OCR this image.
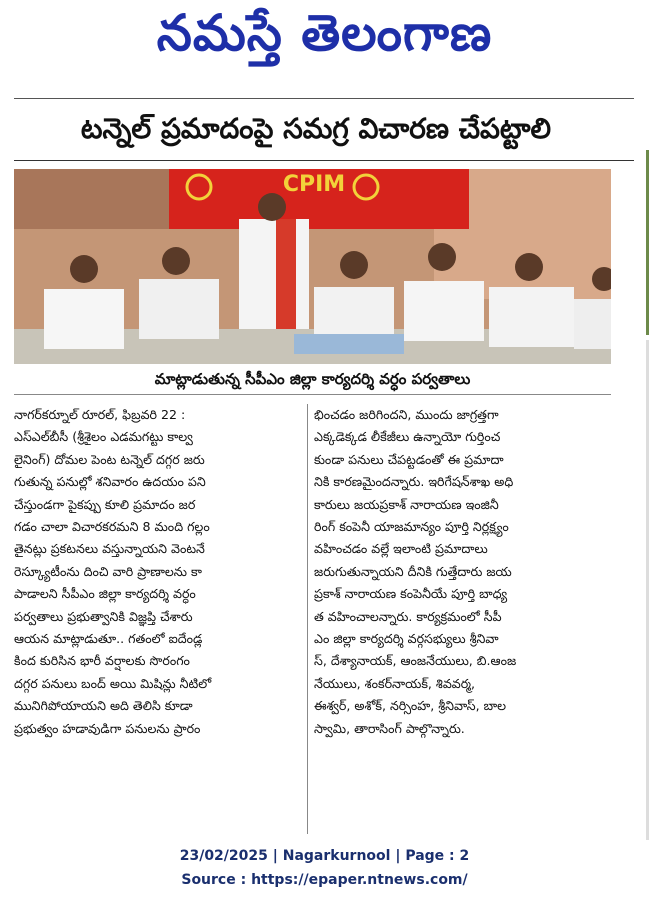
నమస్తే తెలంగాణ
టన్నెల్ ప్రమాదంపై సమగ్ర విచారణ చేపట్టాలి
CPIM
మాట్లాడుతున్న సీపీఎం జిల్లా కార్యదర్శి వర్ధం పర్వతాలు

నాగర్‌కర్నూల్ రూరల్, ఫిబ్రవరి 22 :

ఎస్‌ఎల్‌బీసీ (శ్రీశైలం ఎడమగట్టు కాల్వ

లైనింగ్) దోమల పెంట టన్నెల్ దగ్గర జరు

గుతున్న పనుల్లో శనివారం ఉదయం పని

చేస్తుండగా పైకప్పు కూలి ప్రమాదం జర

గడం చాలా విచారకరమని 8 మంది గల్లం

తైనట్లు ప్రకటనలు వస్తున్నాయని వెంటనే

రెస్క్యూటీంను దించి వారి ప్రాణాలను కా

పాడాలని సీపీఎం జిల్లా కార్యదర్శి వర్ధం

పర్వతాలు ప్రభుత్వానికి విజ్ఞప్తి చేశారు

ఆయన మాట్లాడుతూ.. గతంలో ఐదేండ్ల

కింద కురిసిన భారీ వర్షాలకు సొరంగం

దగ్గర పనులు బంద్ అయి మిషిన్లు నీటిలో

మునిగిపోయాయని అది తెలిసి కూడా

ప్రభుత్వం హడావుడిగా పనులను ప్రారం

భించడం జరిగిందని, ముందు జాగ్రత్తగా

ఎక్కడెక్కడ లీకేజీలు ఉన్నాయో గుర్తించ

కుండా పనులు చేపట్టడంతో ఈ ప్రమాదా

నికి కారణమైందన్నారు. ఇరిగేషన్‌శాఖ అధి

కారులు జయప్రకాశ్ నారాయణ ఇంజినీ

రింగ్ కంపెనీ యాజమాన్యం పూర్తి నిర్లక్ష్యం

వహించడం వల్లే ఇలాంటి ప్రమాదాలు

జరుగుతున్నాయని దీనికి గుత్తేదారు జయ

ప్రకాశ్ నారాయణ కంపెనీయే పూర్తి బాధ్య

త వహించాలన్నారు. కార్యక్రమంలో సీపీ

ఎం జిల్లా కార్యదర్శి వర్గసభ్యులు శ్రీనివా

స్, దేశ్యానాయక్, ఆంజనేయులు, బి.ఆంజ

నేయులు, శంకర్‌నాయక్, శివవర్మ,

ఈశ్వర్, అశోక్, నర్సింహ, శ్రీనివాస్, బాల

స్వామి, తారాసింగ్ పాల్గొన్నారు.

23/02/2025 | Nagarkurnool | Page : 2
Source : https://epaper.ntnews.com/
